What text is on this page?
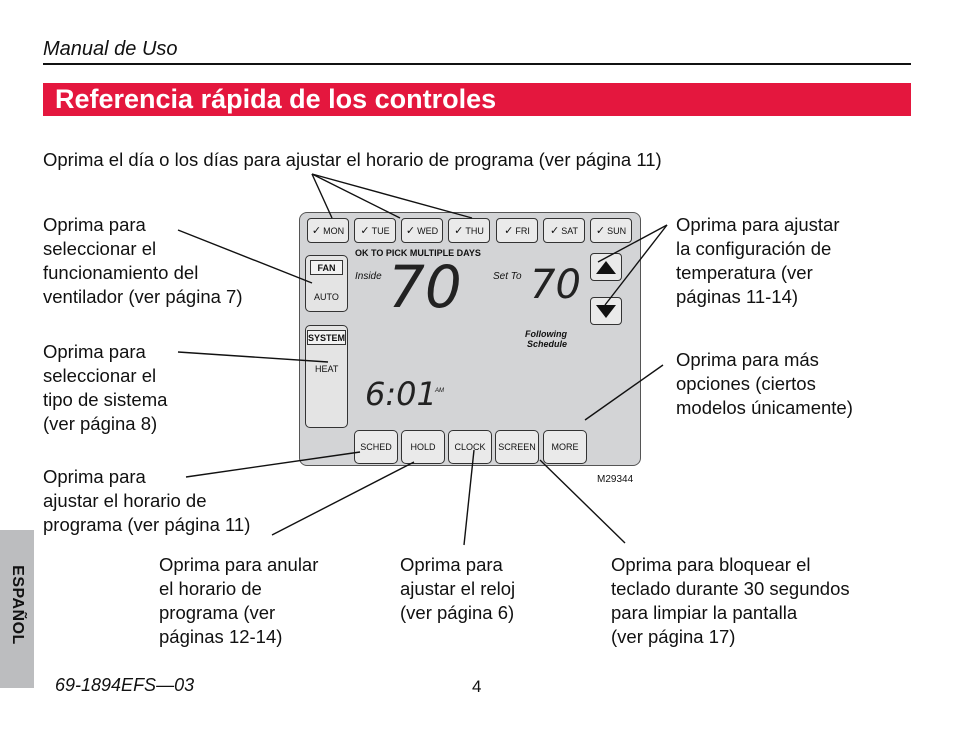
Manual de Uso
Referencia rápida de los controles
Oprima el día o los días para ajustar el horario de programa (ver página 11)
Oprima para
seleccionar el
funcionamiento del
ventilador (ver página 7)
Oprima para
seleccionar el
tipo de sistema
(ver página 8)
Oprima para
ajustar el horario de
programa (ver página 11)
Oprima para ajustar
la configuración de
temperatura (ver
páginas 11-14)
Oprima para más
opciones (ciertos
modelos únicamente)
Oprima para anular
el horario de
programa (ver
páginas 12-14)
Oprima para
ajustar el reloj
(ver página 6)
Oprima para bloquear el
teclado durante 30 segundos
para limpiar la pantalla
(ver página 17)
✓ MON ✓ TUE ✓ WED ✓ THU ✓ FRI ✓ SAT ✓ SUN
OK TO PICK MULTIPLE DAYS
FAN
AUTO
SYSTEM
HEAT
Inside 70	Set To 70
Following
Schedule
6:01
AM
SCHED	HOLD	CLOCK	SCREEN	MORE
M29344
ESPAÑOL
69-1894EFS—03	4
